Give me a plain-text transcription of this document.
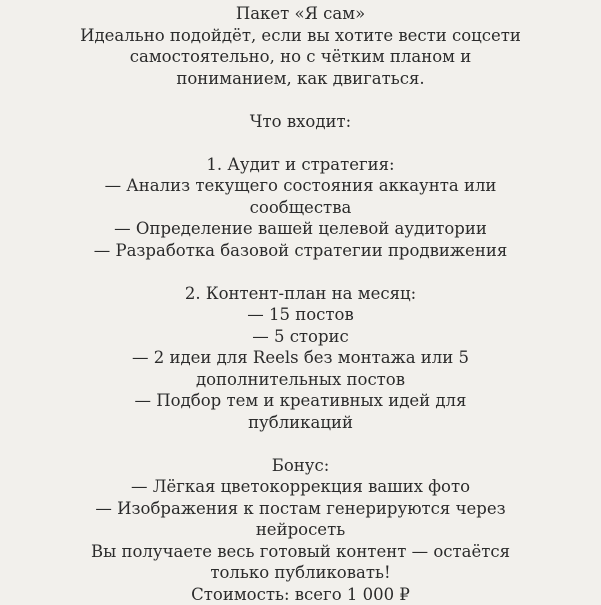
Пакет «Я сам»
Идеально подойдёт, если вы хотите вести соцсети
самостоятельно, но с чётким планом и
пониманием, как двигаться.
Что входит:
1. Аудит и стратегия:
— Анализ текущего состояния аккаунта или
сообщества
— Определение вашей целевой аудитории
— Разработка базовой стратегии продвижения
2. Контент-план на месяц:
— 15 постов
— 5 сторис
— 2 идеи для Reels без монтажа или 5
дополнительных постов
— Подбор тем и креативных идей для
публикаций
Бонус:
— Лёгкая цветокоррекция ваших фото
— Изображения к постам генерируются через
нейросеть
Вы получаете весь готовый контент — остаётся
только публиковать!
Стоимость: всего 1 000 ₽
